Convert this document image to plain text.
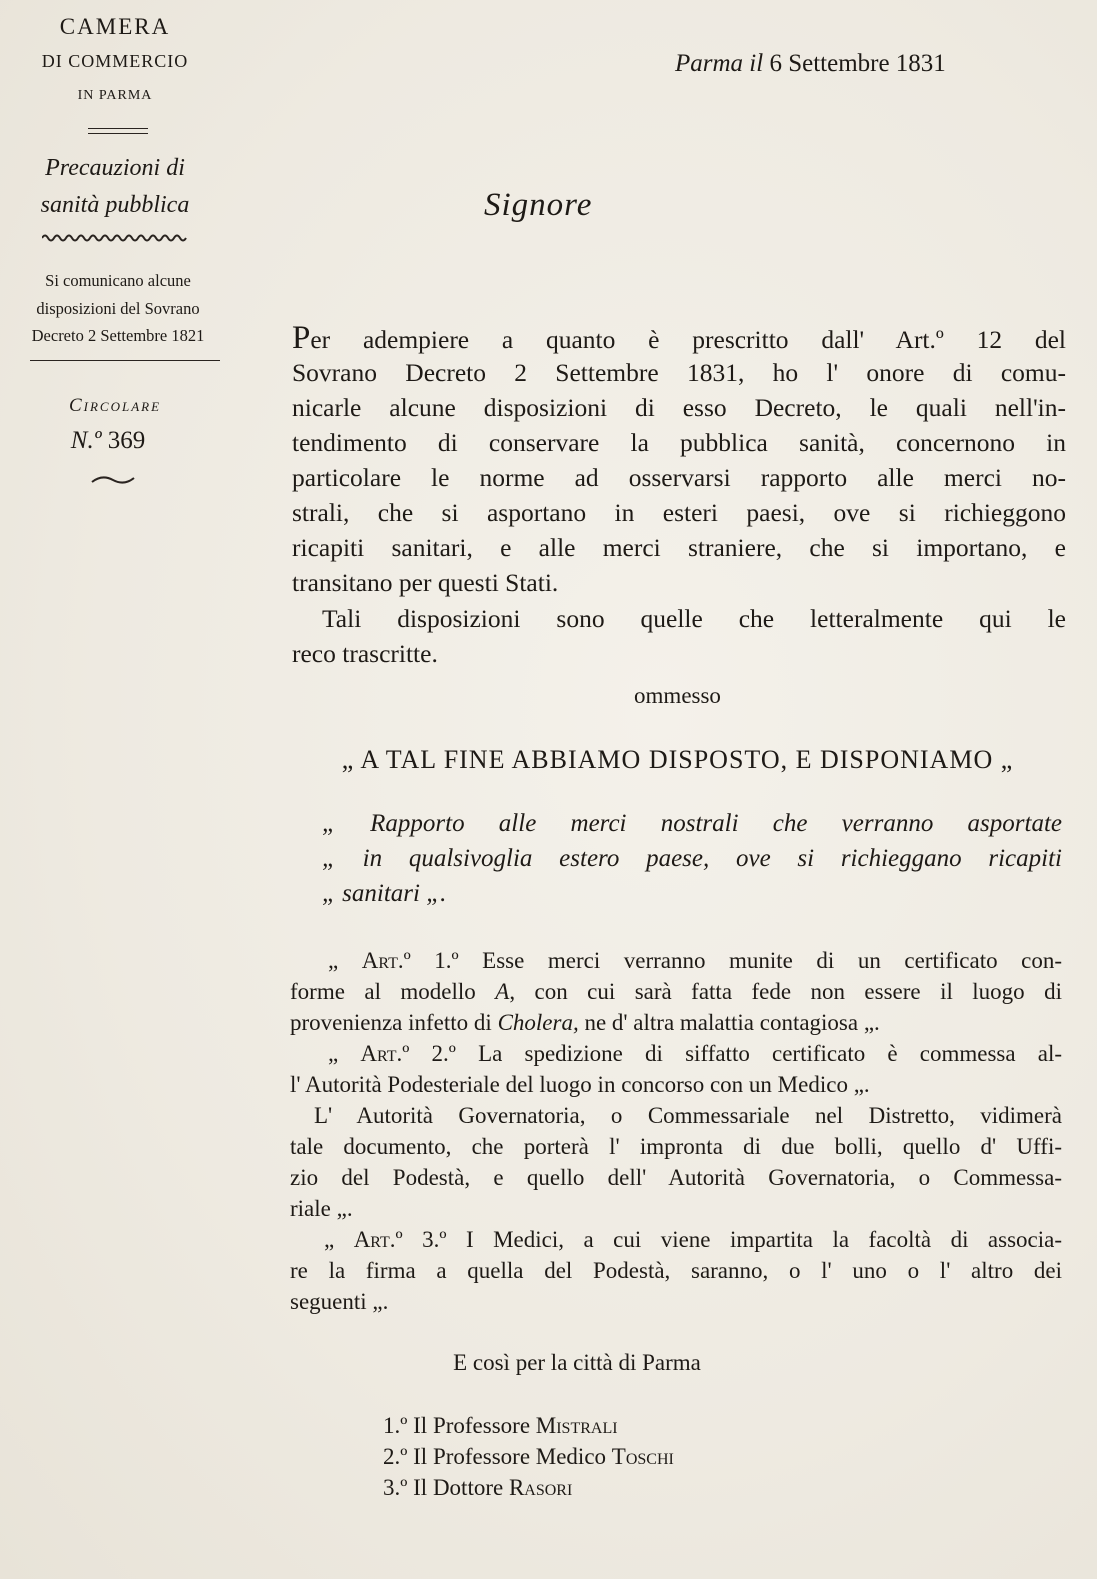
CAMERA
DI COMMERCIO
IN PARMA
Precauzioni di
sanità pubblica
Si comunicano alcune
disposizioni del Sovrano
Decreto 2 Settembre 1821
Circolare
N.º 369
Parma il 6 Settembre 1831
Signore
Per adempiere a quanto è prescritto dall' Art.º 12 del
Sovrano Decreto 2 Settembre 1831, ho l' onore di comu-
nicarle alcune disposizioni di esso Decreto, le quali nell'in-
tendimento di conservare la pubblica sanità, concernono in
particolare le norme ad osservarsi rapporto alle merci no-
strali, che si asportano in esteri paesi, ove si richieggono
ricapiti sanitari, e alle merci straniere, che si importano, e
transitano per questi Stati.
Tali disposizioni sono quelle che letteralmente qui le
reco trascritte.
ommesso
„ A TAL FINE ABBIAMO DISPOSTO, E DISPONIAMO „
„ Rapporto alle merci nostrali che verranno asportate
„ in qualsivoglia estero paese, ove si richieggano ricapiti
„ sanitari „.
„ Art.º 1.º Esse merci verranno munite di un certificato con-
forme al modello A, con cui sarà fatta fede non essere il luogo di
provenienza infetto di Cholera, ne d' altra malattia contagiosa „.
„ Art.º 2.º La spedizione di siffatto certificato è commessa al-
l' Autorità Podesteriale del luogo in concorso con un Medico „.
L' Autorità Governatoria, o Commessariale nel Distretto, vidimerà
tale documento, che porterà l' impronta di due bolli, quello d' Uffi-
zio del Podestà, e quello dell' Autorità Governatoria, o Commessa-
riale „.
„ Art.º 3.º I Medici, a cui viene impartita la facoltà di associa-
re la firma a quella del Podestà, saranno, o l' uno o l' altro dei
seguenti „.
E così per la città di Parma
1.º Il Professore Mistrali
2.º Il Professore Medico Toschi
3.º Il Dottore Rasori
